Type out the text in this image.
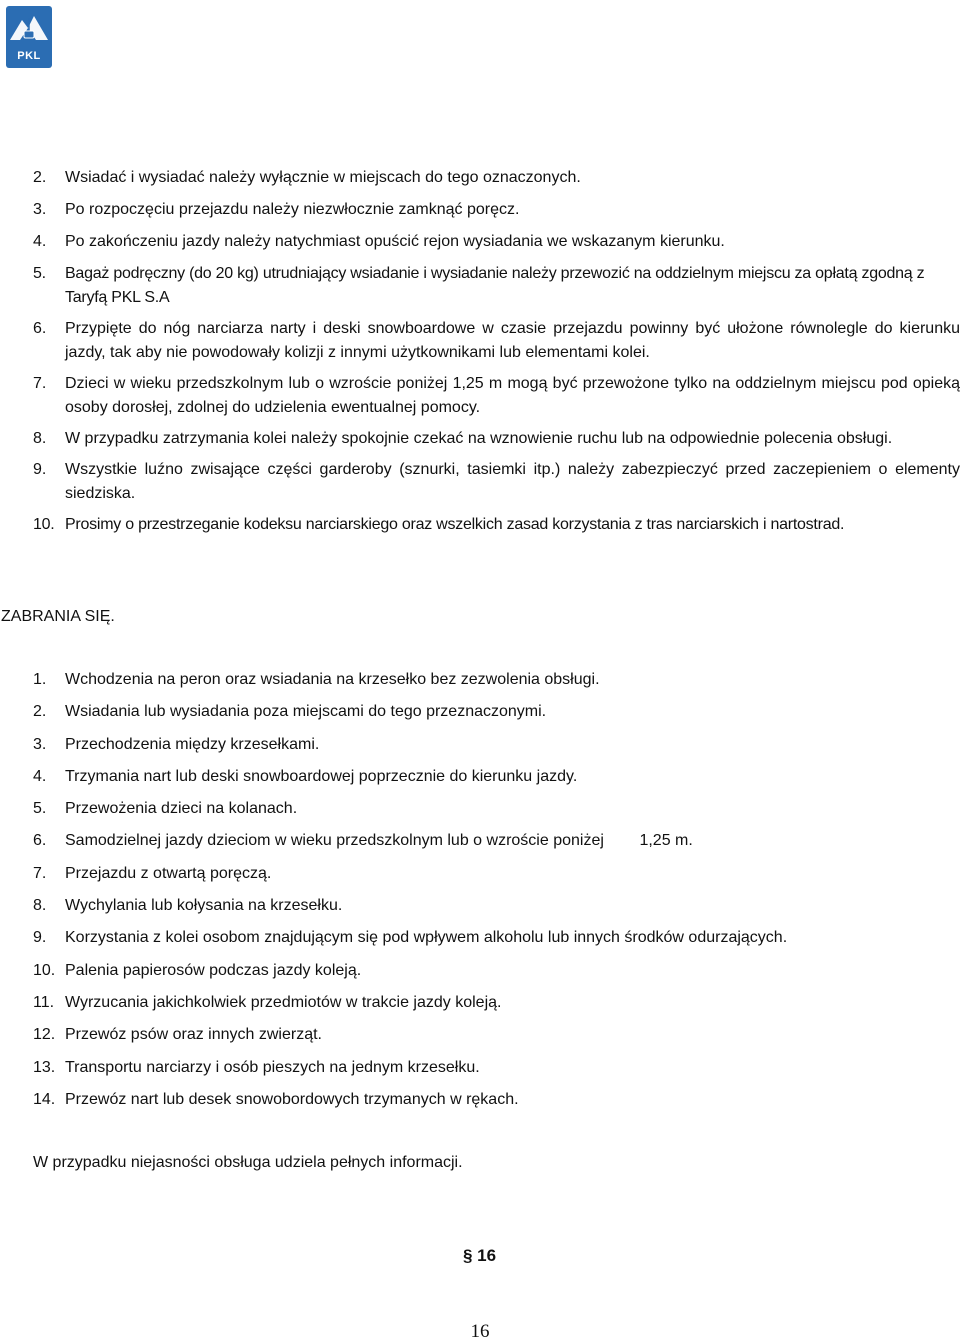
PKL
2. Wsiadać i wysiadać należy wyłącznie w miejscach do tego oznaczonych.
3. Po rozpoczęciu przejazdu należy niezwłocznie zamknąć poręcz.
4. Po zakończeniu jazdy należy natychmiast opuścić rejon wysiadania we wskazanym kierunku.
5. Bagaż podręczny (do 20 kg) utrudniający wsiadanie i wysiadanie należy przewozić na oddzielnym miejscu za opłatą zgodną z Taryfą PKL S.A
6. Przypięte do nóg narciarza narty i deski snowboardowe w czasie przejazdu powinny być ułożone równolegle do kierunku jazdy, tak aby nie powodowały kolizji z innymi użytkownikami lub elementami kolei.
7. Dzieci w wieku przedszkolnym lub o wzroście poniżej 1,25 m mogą być przewożone tylko na oddzielnym miejscu pod opieką osoby dorosłej, zdolnej do udzielenia ewentualnej pomocy.
8. W przypadku zatrzymania kolei należy spokojnie czekać na wznowienie ruchu lub na odpowiednie polecenia obsługi.
9. Wszystkie luźno zwisające części garderoby (sznurki, tasiemki itp.) należy zabezpieczyć przed zaczepieniem o elementy siedziska.
10. Prosimy o przestrzeganie kodeksu narciarskiego oraz wszelkich zasad korzystania z tras narciarskich i nartostrad.
ZABRANIA SIĘ.
1. Wchodzenia na peron oraz wsiadania na krzesełko bez zezwolenia obsługi.
2. Wsiadania lub wysiadania poza miejscami do tego przeznaczonymi.
3. Przechodzenia między krzesełkami.
4. Trzymania nart lub deski snowboardowej poprzecznie do kierunku jazdy.
5. Przewożenia dzieci na kolanach.
6. Samodzielnej jazdy dzieciom w wieku przedszkolnym lub o wzroście poniżej        1,25 m.
7. Przejazdu z otwartą poręczą.
8. Wychylania lub kołysania na krzesełku.
9. Korzystania z kolei osobom znajdującym się pod wpływem alkoholu lub innych środków odurzających.
10. Palenia papierosów podczas jazdy koleją.
11. Wyrzucania jakichkolwiek przedmiotów w trakcie jazdy koleją.
12. Przewóz psów oraz innych zwierząt.
13. Transportu narciarzy i osób pieszych na jednym krzesełku.
14. Przewóz nart lub desek snowobordowych trzymanych w rękach.
W przypadku niejasności obsługa udziela pełnych informacji.
§ 16
16
